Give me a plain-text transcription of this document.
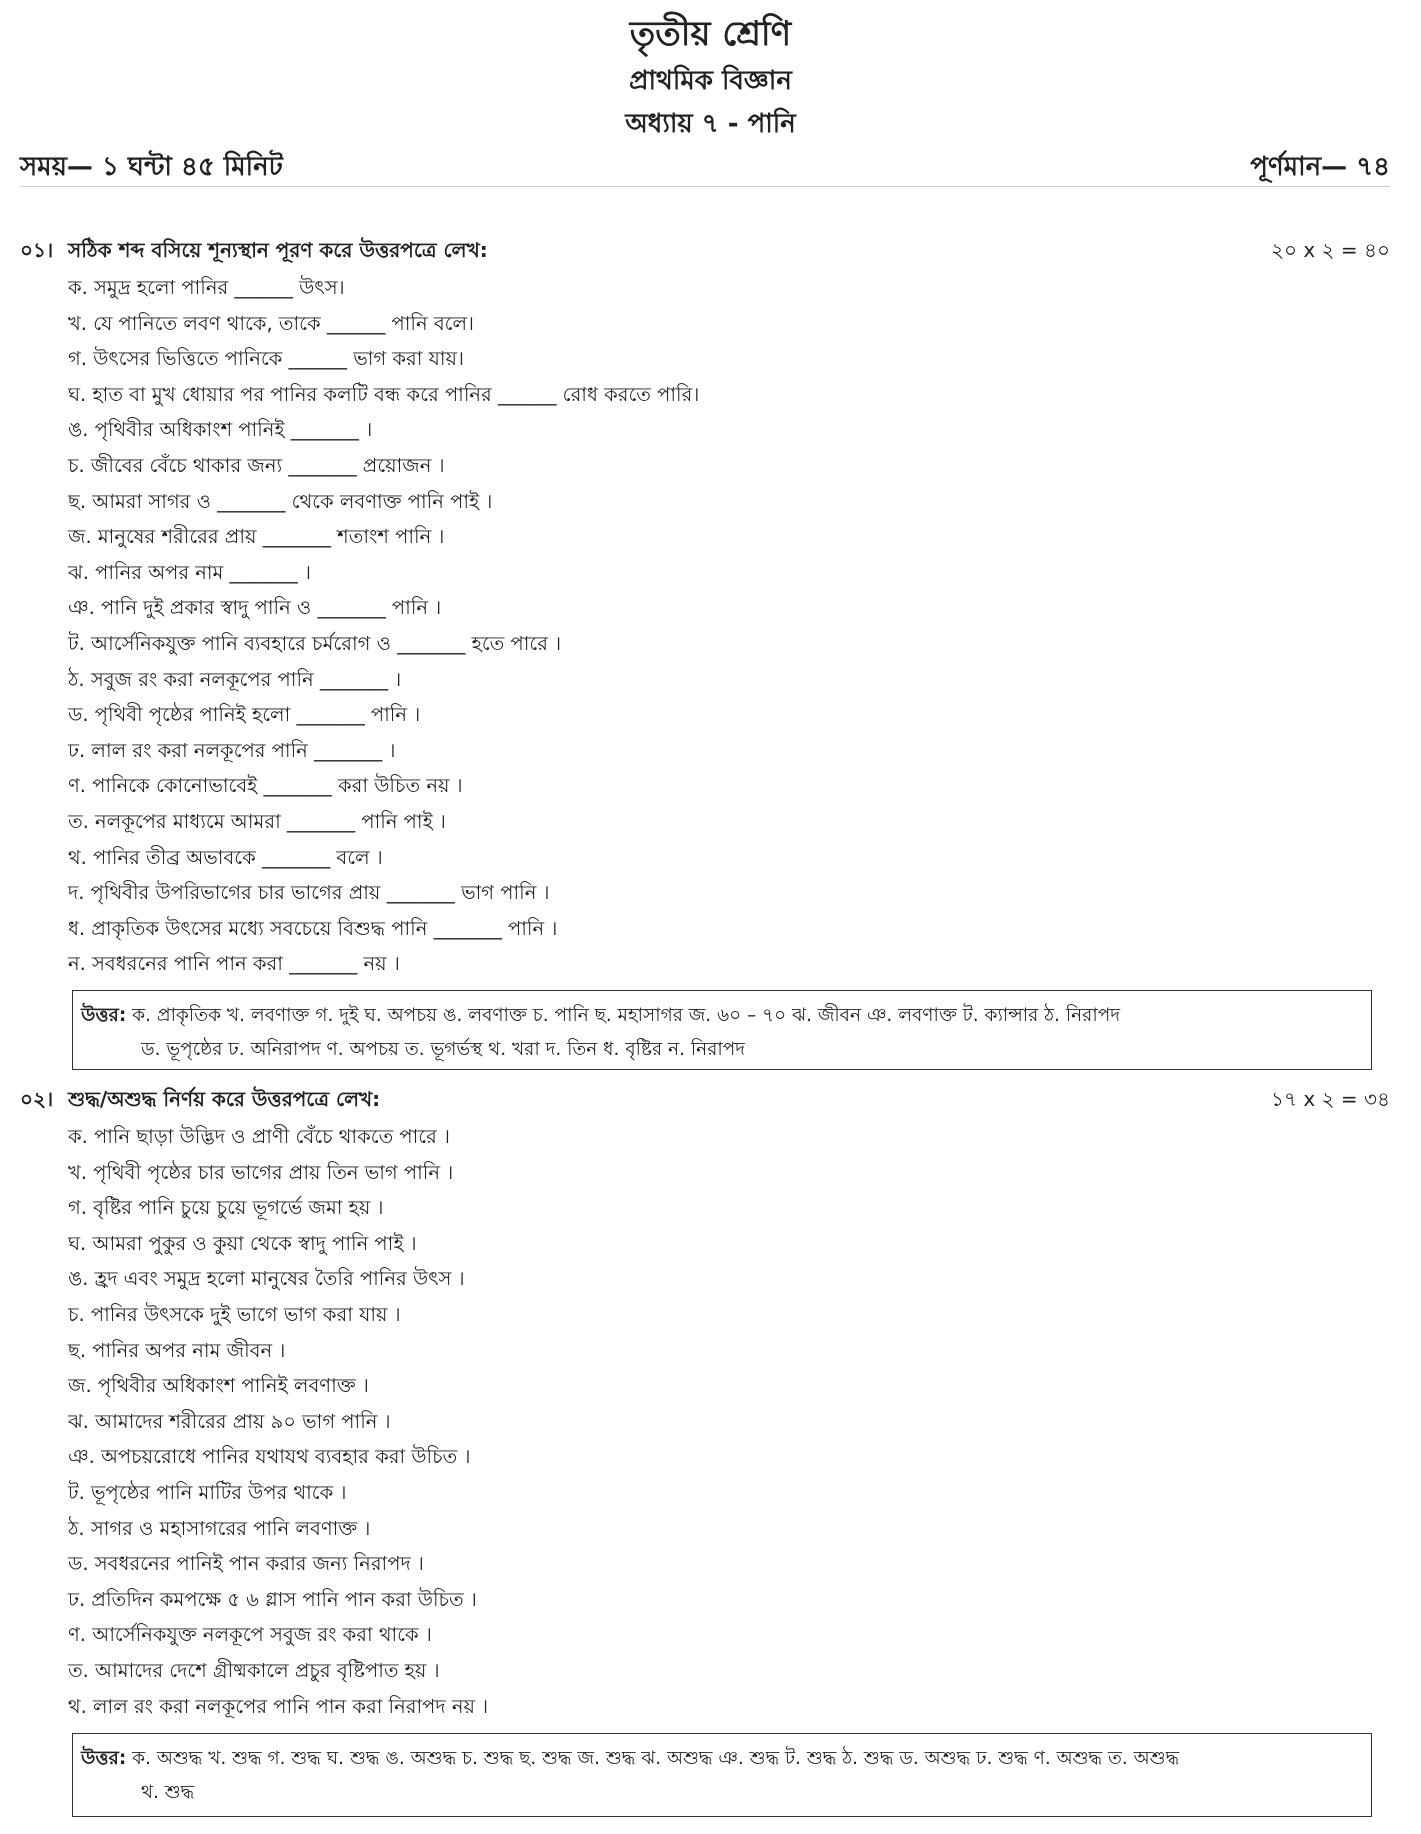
তৃতীয় শ্রেণি
প্রাথমিক বিজ্ঞান
অধ্যায় ৭ - পানি
সময়— ১ ঘন্টা ৪৫ মিনিট	পূর্ণমান— ৭৪
০১। সঠিক শব্দ বসিয়ে শূন্যস্থান পূরণ করে উত্তরপত্রে লেখ:	২০ x ২ = ৪০
ক. সমুদ্র হলো পানির ______ উৎস।
খ. যে পানিতে লবণ থাকে, তাকে ______ পানি বলে।
গ. উৎসের ভিত্তিতে পানিকে ______ ভাগ করা যায়।
ঘ. হাত বা মুখ ধোয়ার পর পানির কলটি বন্ধ করে পানির ______ রোধ করতে পারি।
ঙ. পৃথিবীর অধিকাংশ পানিই _______ ।
চ. জীবের বেঁচে থাকার জন্য _______ প্রয়োজন ।
ছ. আমরা সাগর ও _______ থেকে লবণাক্ত পানি পাই ।
জ. মানুষের শরীরের প্রায় _______ শতাংশ পানি ।
ঝ. পানির অপর নাম _______ ।
ঞ. পানি দুই প্রকার স্বাদু পানি ও _______ পানি ।
ট. আর্সেনিকযুক্ত পানি ব্যবহারে চর্মরোগ ও _______ হতে পারে ।
ঠ. সবুজ রং করা নলকূপের পানি _______ ।
ড. পৃথিবী পৃষ্ঠের পানিই হলো _______ পানি ।
ঢ. লাল রং করা নলকূপের পানি _______ ।
ণ. পানিকে কোনোভাবেই _______ করা উচিত নয় ।
ত. নলকূপের মাধ্যমে আমরা _______ পানি পাই ।
থ. পানির তীব্র অভাবকে _______ বলে ।
দ. পৃথিবীর উপরিভাগের চার ভাগের প্রায় _______ ভাগ পানি ।
ধ. প্রাকৃতিক উৎসের মধ্যে সবচেয়ে বিশুদ্ধ পানি _______ পানি ।
ন. সবধরনের পানি পান করা _______ নয় ।
উত্তর: ক. প্রাকৃতিক খ. লবণাক্ত গ. দুই ঘ. অপচয় ঙ. লবণাক্ত চ. পানি ছ. মহাসাগর জ. ৬০ – ৭০ ঝ. জীবন ঞ. লবণাক্ত ট. ক্যান্সার ঠ. নিরাপদ
ড. ভূপৃষ্ঠের ঢ. অনিরাপদ ণ. অপচয় ত. ভূগর্ভস্থ থ. খরা দ. তিন ধ. বৃষ্টির ন. নিরাপদ
০২। শুদ্ধ/অশুদ্ধ নির্ণয় করে উত্তরপত্রে লেখ:	১৭ x ২ = ৩৪
ক. পানি ছাড়া উদ্ভিদ ও প্রাণী বেঁচে থাকতে পারে ।
খ. পৃথিবী পৃষ্ঠের চার ভাগের প্রায় তিন ভাগ পানি ।
গ. বৃষ্টির পানি চুয়ে চুয়ে ভূগর্ভে জমা হয় ।
ঘ. আমরা পুকুর ও কুয়া থেকে স্বাদু পানি পাই ।
ঙ. হ্রদ এবং সমুদ্র হলো মানুষের তৈরি পানির উৎস ।
চ. পানির উৎসকে দুই ভাগে ভাগ করা যায় ।
ছ. পানির অপর নাম জীবন ।
জ. পৃথিবীর অধিকাংশ পানিই লবণাক্ত ।
ঝ. আমাদের শরীরের প্রায় ৯০ ভাগ পানি ।
ঞ. অপচয়রোধে পানির যথাযথ ব্যবহার করা উচিত ।
ট. ভূপৃষ্ঠের পানি মাটির উপর থাকে ।
ঠ. সাগর ও মহাসাগরের পানি লবণাক্ত ।
ড. সবধরনের পানিই পান করার জন্য নিরাপদ ।
ঢ. প্রতিদিন কমপক্ষে ৫ ৬ গ্লাস পানি পান করা উচিত ।
ণ. আর্সেনিকযুক্ত নলকূপে সবুজ রং করা থাকে ।
ত. আমাদের দেশে গ্রীষ্মকালে প্রচুর বৃষ্টিপাত হয় ।
থ. লাল রং করা নলকূপের পানি পান করা নিরাপদ নয় ।
উত্তর: ক. অশুদ্ধ খ. শুদ্ধ গ. শুদ্ধ ঘ. শুদ্ধ ঙ. অশুদ্ধ চ. শুদ্ধ ছ. শুদ্ধ জ. শুদ্ধ ঝ. অশুদ্ধ ঞ. শুদ্ধ ট. শুদ্ধ ঠ. শুদ্ধ ড. অশুদ্ধ ঢ. শুদ্ধ ণ. অশুদ্ধ ত. অশুদ্ধ
থ. শুদ্ধ
